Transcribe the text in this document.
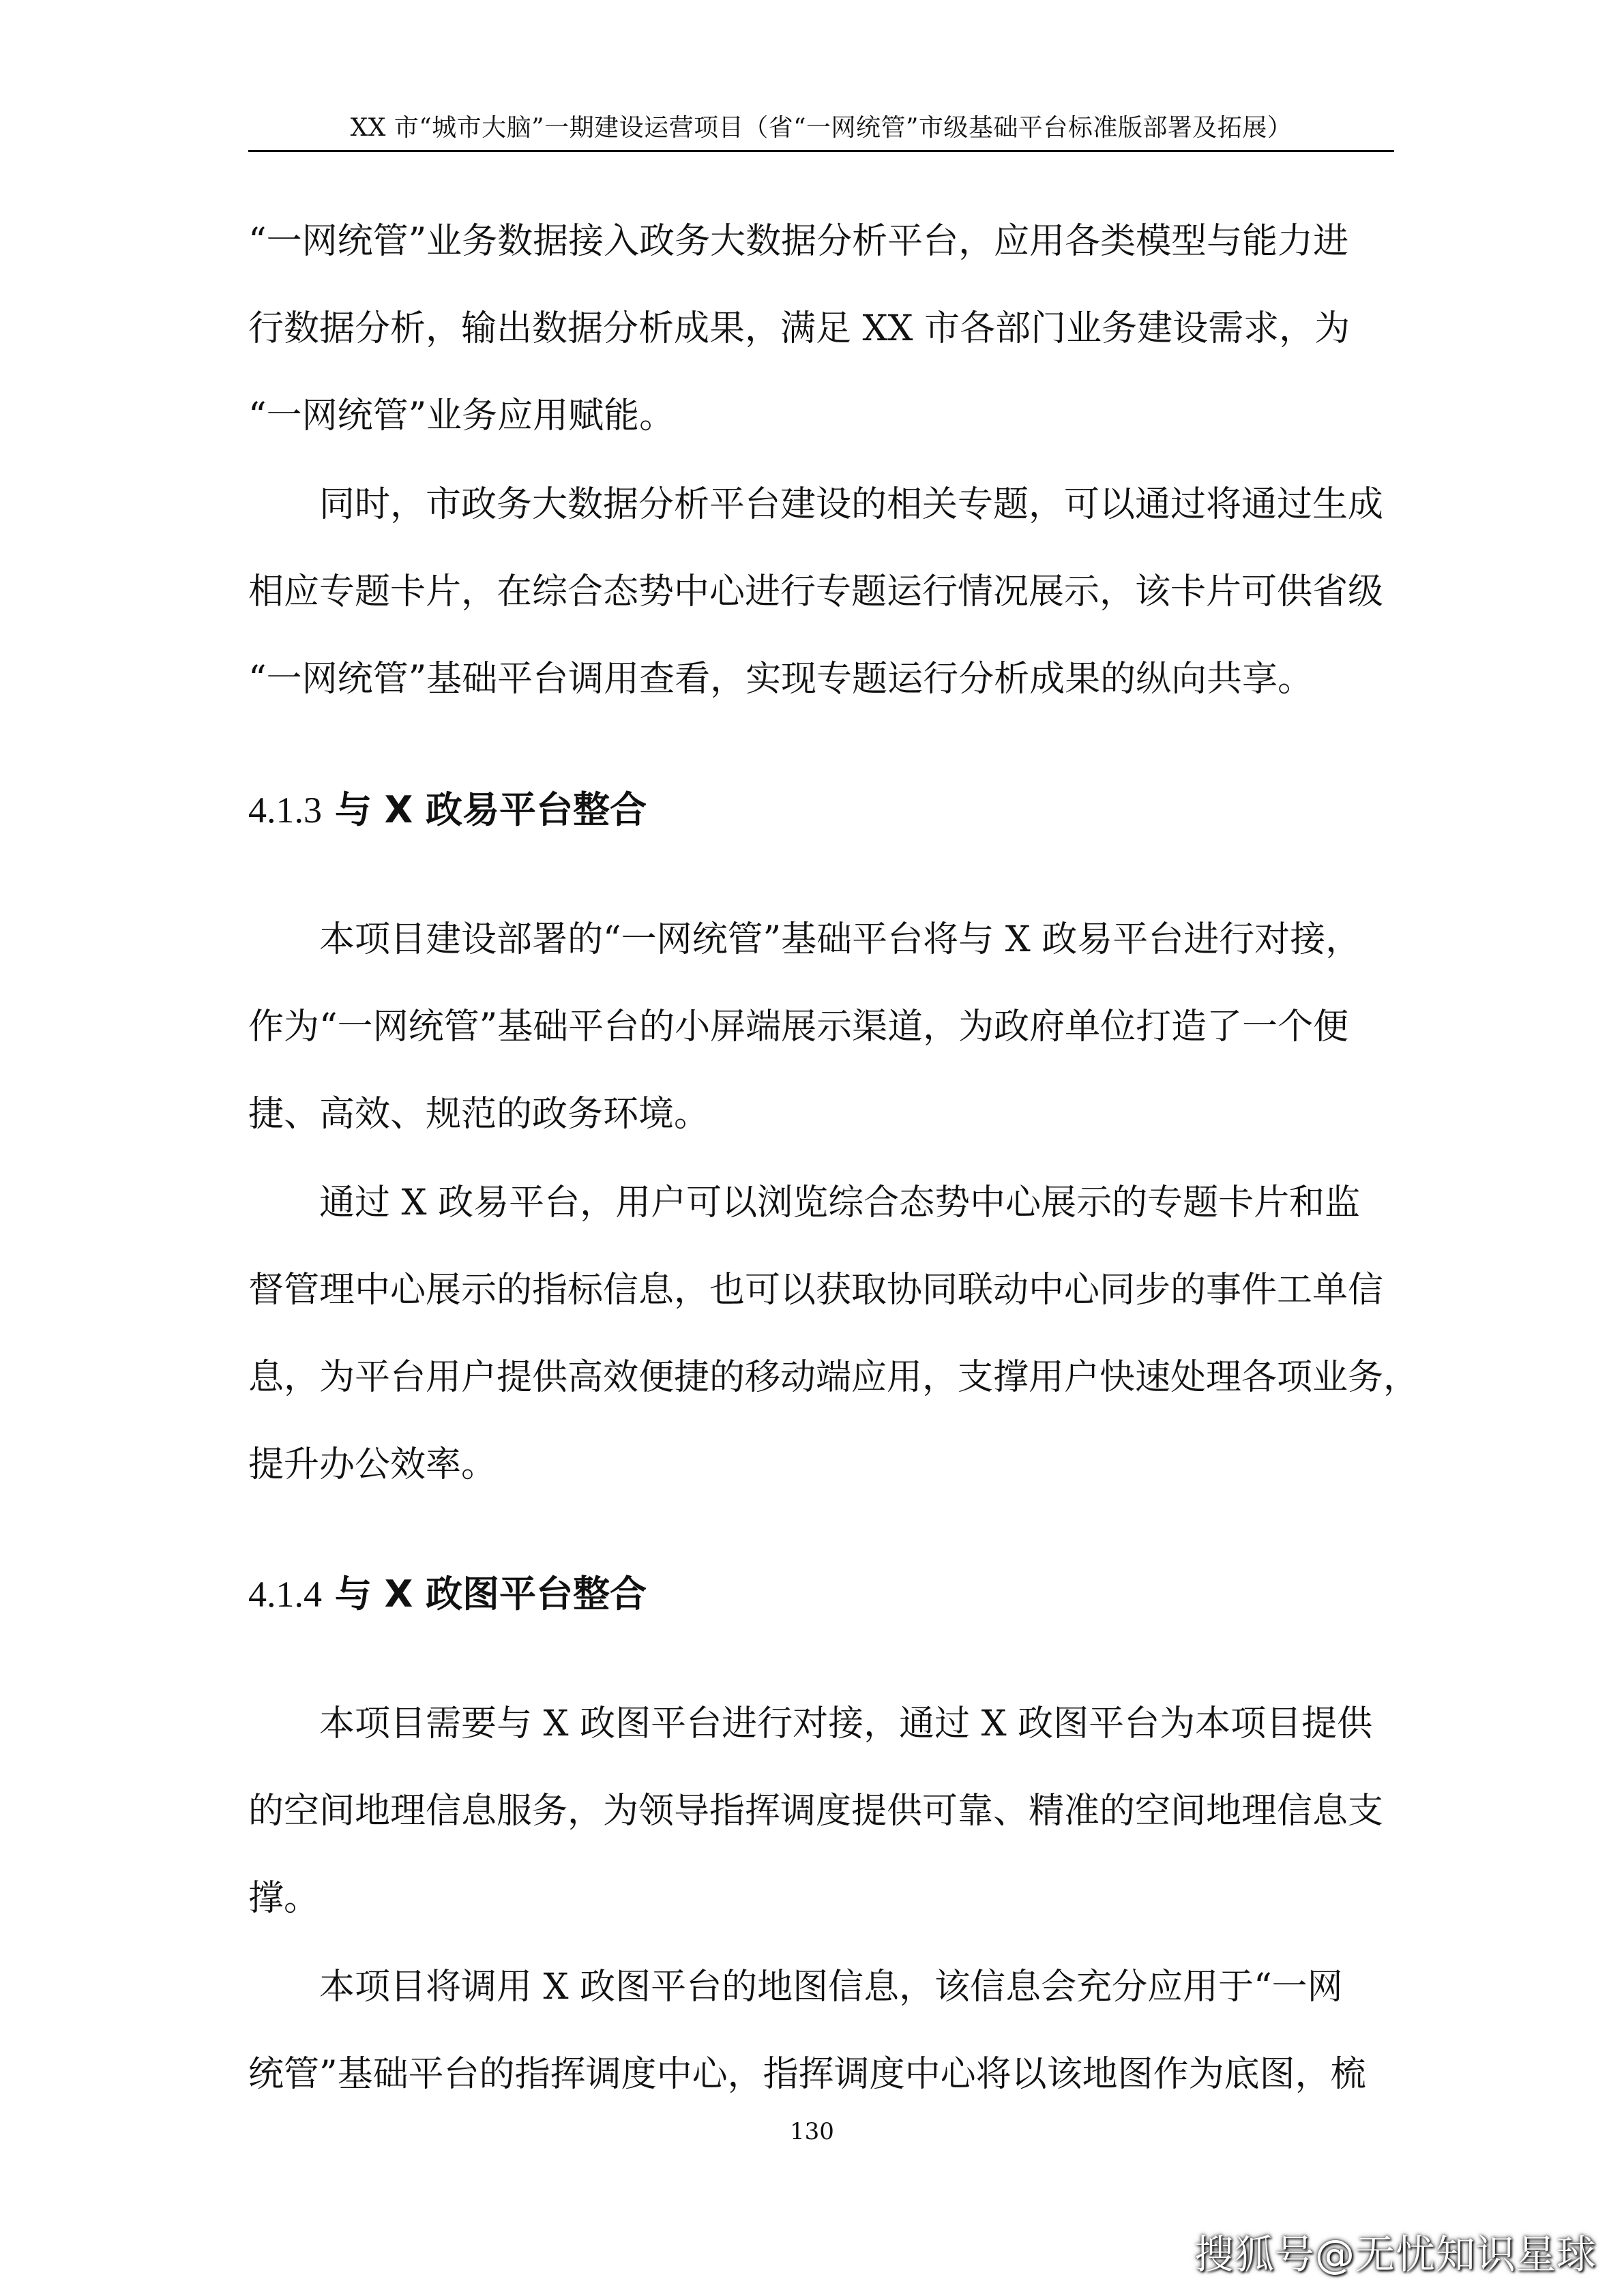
XX 市“城市大脑”一期建设运营项目（省“一网统管”市级基础平台标准版部署及拓展）
“一网统管”业务数据接入政务大数据分析平台，应用各类模型与能力进
行数据分析，输出数据分析成果，满足 XX 市各部门业务建设需求，为
“一网统管”业务应用赋能。
　　同时，市政务大数据分析平台建设的相关专题，可以通过将通过生成
相应专题卡片，在综合态势中心进行专题运行情况展示，该卡片可供省级
“一网统管”基础平台调用查看，实现专题运行分析成果的纵向共享。
4.1.3 与 X 政易平台整合
　　本项目建设部署的“一网统管”基础平台将与 X 政易平台进行对接，
作为“一网统管”基础平台的小屏端展示渠道，为政府单位打造了一个便
捷、高效、规范的政务环境。
　　通过 X 政易平台，用户可以浏览综合态势中心展示的专题卡片和监
督管理中心展示的指标信息，也可以获取协同联动中心同步的事件工单信
息，为平台用户提供高效便捷的移动端应用，支撑用户快速处理各项业务，
提升办公效率。
4.1.4 与 X 政图平台整合
　　本项目需要与 X 政图平台进行对接，通过 X 政图平台为本项目提供
的空间地理信息服务，为领导指挥调度提供可靠、精准的空间地理信息支
撑。
　　本项目将调用 X 政图平台的地图信息，该信息会充分应用于“一网
统管”基础平台的指挥调度中心，指挥调度中心将以该地图作为底图，梳
130
搜狐号@无忧知识星球
